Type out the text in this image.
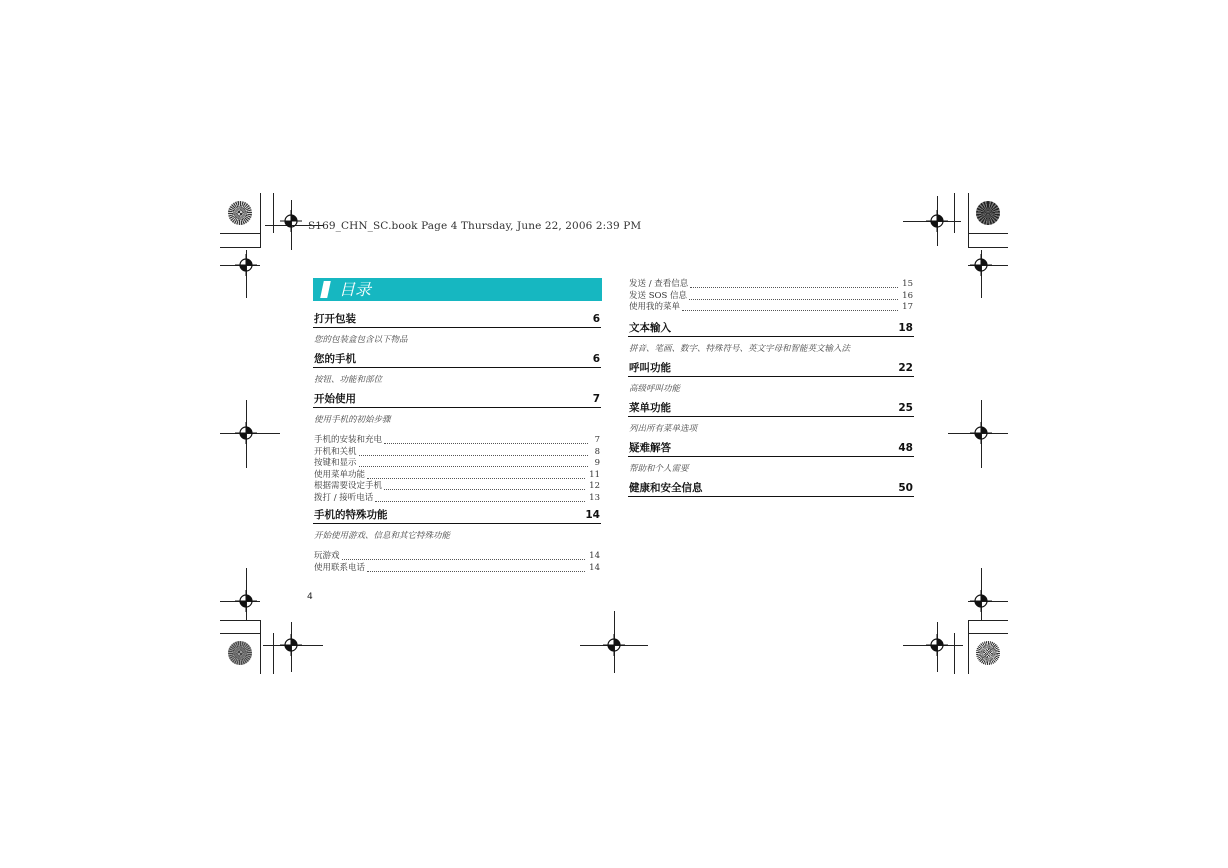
S169_CHN_SC.book Page 4 Thursday, June 22, 2006 2:39 PM
目录
打开包装	6
您的包装盒包含以下物品
您的手机	6
按钮、功能和部位
开始使用	7
使用手机的初始步骤
手机的安装和充电	7
开机和关机	8
按键和显示	9
使用菜单功能	11
根据需要设定手机	12
拨打 / 接听电话	13
手机的特殊功能	14
开始使用游戏、信息和其它特殊功能
玩游戏	14
使用联系电话	14
发送 / 查看信息	15
发送 SOS 信息	16
使用我的菜单	17
文本输入	18
拼音、笔画、数字、特殊符号、英文字母和智能英文输入法
呼叫功能	22
高级呼叫功能
菜单功能	25
列出所有菜单选项
疑难解答	48
帮助和个人需要
健康和安全信息	50
4
